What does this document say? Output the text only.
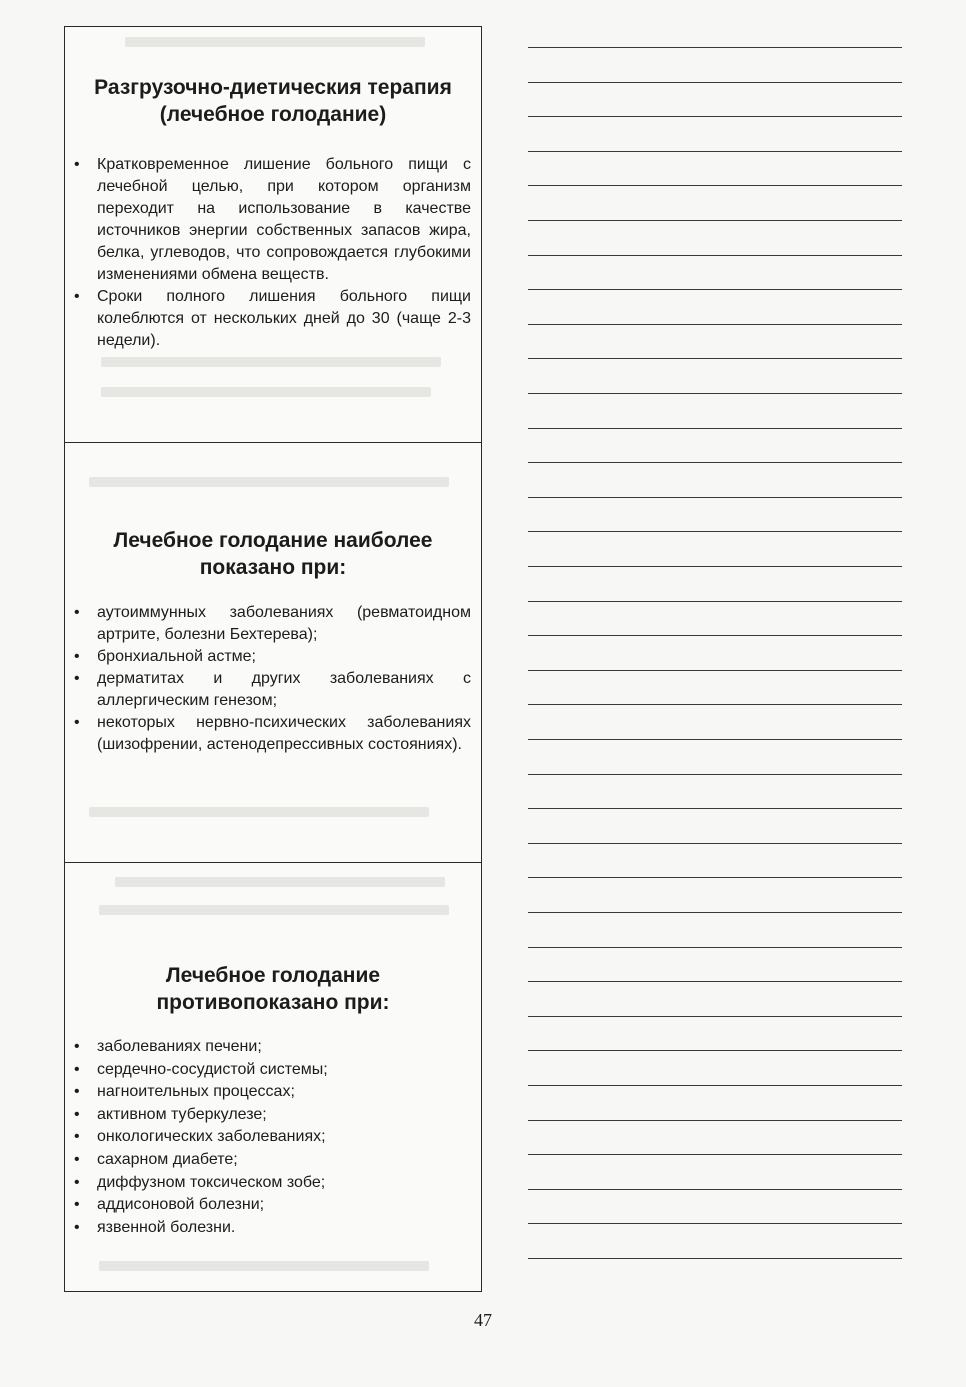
Разгрузочно-диетическия терапия (лечебное голодание)
• Кратковременное лишение больного пищи с лечебной целью, при котором организм переходит на использование в качестве источников энергии собственных запасов жира, белка, углеводов, что сопровождается глубокими изменениями обмена веществ.
• Сроки полного лишения больного пищи колеблются от нескольких дней до 30 (чаще 2-3 недели).
Лечебное голодание наиболее показано при:
• аутоиммунных заболеваниях (ревматоидном артрите, болезни Бехтерева);
• бронхиальной астме;
• дерматитах и других заболеваниях с аллергическим генезом;
• некоторых нервно-психических заболеваниях (шизофрении, астенодепрессивных состояниях).
Лечебное голодание противопоказано при:
• заболеваниях печени;
• сердечно-сосудистой системы;
• нагноительных процессах;
• активном туберкулезе;
• онкологических заболеваниях;
• сахарном диабете;
• диффузном токсическом зобе;
• аддисоновой болезни;
• язвенной болезни.
47
